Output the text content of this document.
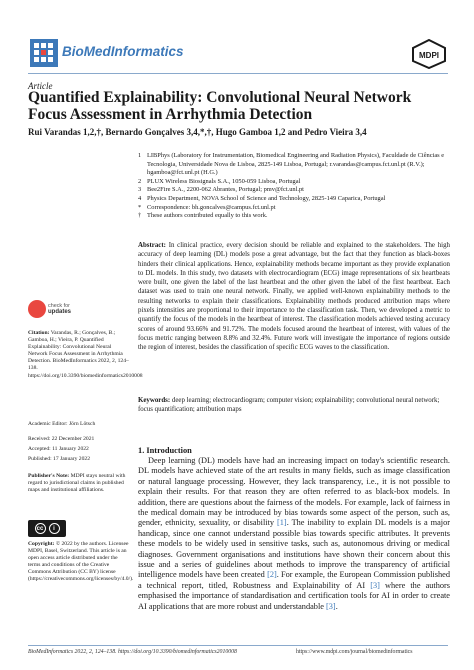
BioMedInformatics	MDPI
Article
Quantified Explainability: Convolutional Neural Network Focus Assessment in Arrhythmia Detection
Rui Varandas 1,2,†, Bernardo Gonçalves 3,4,*,†, Hugo Gamboa 1,2 and Pedro Vieira 3,4
1 LIBPhys (Laboratory for Instrumentation, Biomedical Engineering and Radiation Physics), Faculdade de Ciências e Tecnologia, Universidade Nova de Lisboa, 2825-149 Lisboa, Portugal; r.varandas@campus.fct.unl.pt (R.V.); hgamboa@fct.unl.pt (H.G.)
2 PLUX Wireless Biosignals S.A., 1050-059 Lisboa, Portugal
3 Bee2Fire S.A., 2200-062 Abrantes, Portugal; pmv@fct.unl.pt
4 Physics Department, NOVA School of Science and Technology, 2825-149 Caparica, Portugal
* Correspondence: bh.goncalves@campus.fct.unl.pt
† These authors contributed equally to this work.

Abstract: In clinical practice, every decision should be reliable and explained to the stakeholders. The high accuracy of deep learning (DL) models pose a great advantage, but the fact that they function as black-boxes hinders their clinical applications. Hence, explainability methods became important as they provide explanation to DL models. In this study, two datasets with electrocardiogram (ECG) image representations of six heartbeats were built, one given the label of the last heartbeat and the other given the label of the first heartbeat. Each dataset was used to train one neural network. Finally, we applied well-known explainability methods to the resulting networks to explain their classifications. Explainability methods produced attribution maps where pixels intensities are proportional to their importance to the classification task. Then, we developed a metric to quantify the focus of the models in the heartbeat of interest. The classification models achieved testing accuracy scores of around 93.66% and 91.72%. The models focused around the heartbeat of interest, with values of the focus metric ranging between 8.8% and 32.4%. Future work will investigate the importance of regions outside the region of interest, besides the classification of specific ECG waves to the classification.

Keywords: deep learning; electrocardiogram; computer vision; explainability; convolutional neural network; focus quantification; attribution maps

check for
updates
Citation: Varandas, R.; Gonçalves, B.; Gamboa, H.; Vieira, P. Quantified Explainability: Convolutional Neural Network Focus Assessment in Arrhythmia Detection. BioMedInformatics 2022, 2, 124–138. https://doi.org/10.3390/biomedinformatics2010008
Academic Editor: Jörn Lötsch
Received: 22 December 2021
Accepted: 11 January 2022
Published: 17 January 2022
Publisher's Note: MDPI stays neutral with regard to jurisdictional claims in published maps and institutional affiliations.
cc	i
Copyright: © 2022 by the authors. Licensee MDPI, Basel, Switzerland. This article is an open access article distributed under the terms and conditions of the Creative Commons Attribution (CC BY) license (https://creativecommons.org/licenses/by/4.0/).
1. Introduction

Deep learning (DL) models have had an increasing impact on today's scientific research. DL models have achieved state of the art results in many fields, such as image classification or natural language processing. However, they lack transparency, i.e., it is not possible to explain their results. For that reason they are often referred to as black-box models. In addition, there are questions about the fairness of the models. For example, lack of fairness in the medical domain may be introduced by bias towards some aspect of the person, such as, gender, ethnicity, sexuality, or disability [1]. The inability to explain DL models is a major handicap, since one cannot understand possible bias towards specific attributes. It prevents these models to be widely used in sensitive tasks, such as, autonomous driving or medical diagnoses. Government organisations and institutions have shown their concern about this issue and a series of guidelines about methods to improve the transparency of artificial intelligence models have been created [2]. For example, the European Commission published a technical report, titled, Robustness and Explainability of AI [3] where the authors emphasised the importance of standardisation and certification tools for AI in order to create AI applications that are more robust and understandable [3].

BioMedInformatics 2022, 2, 124–138. https://doi.org/10.3390/biomedinformatics2010008	https://www.mdpi.com/journal/biomedinformatics
